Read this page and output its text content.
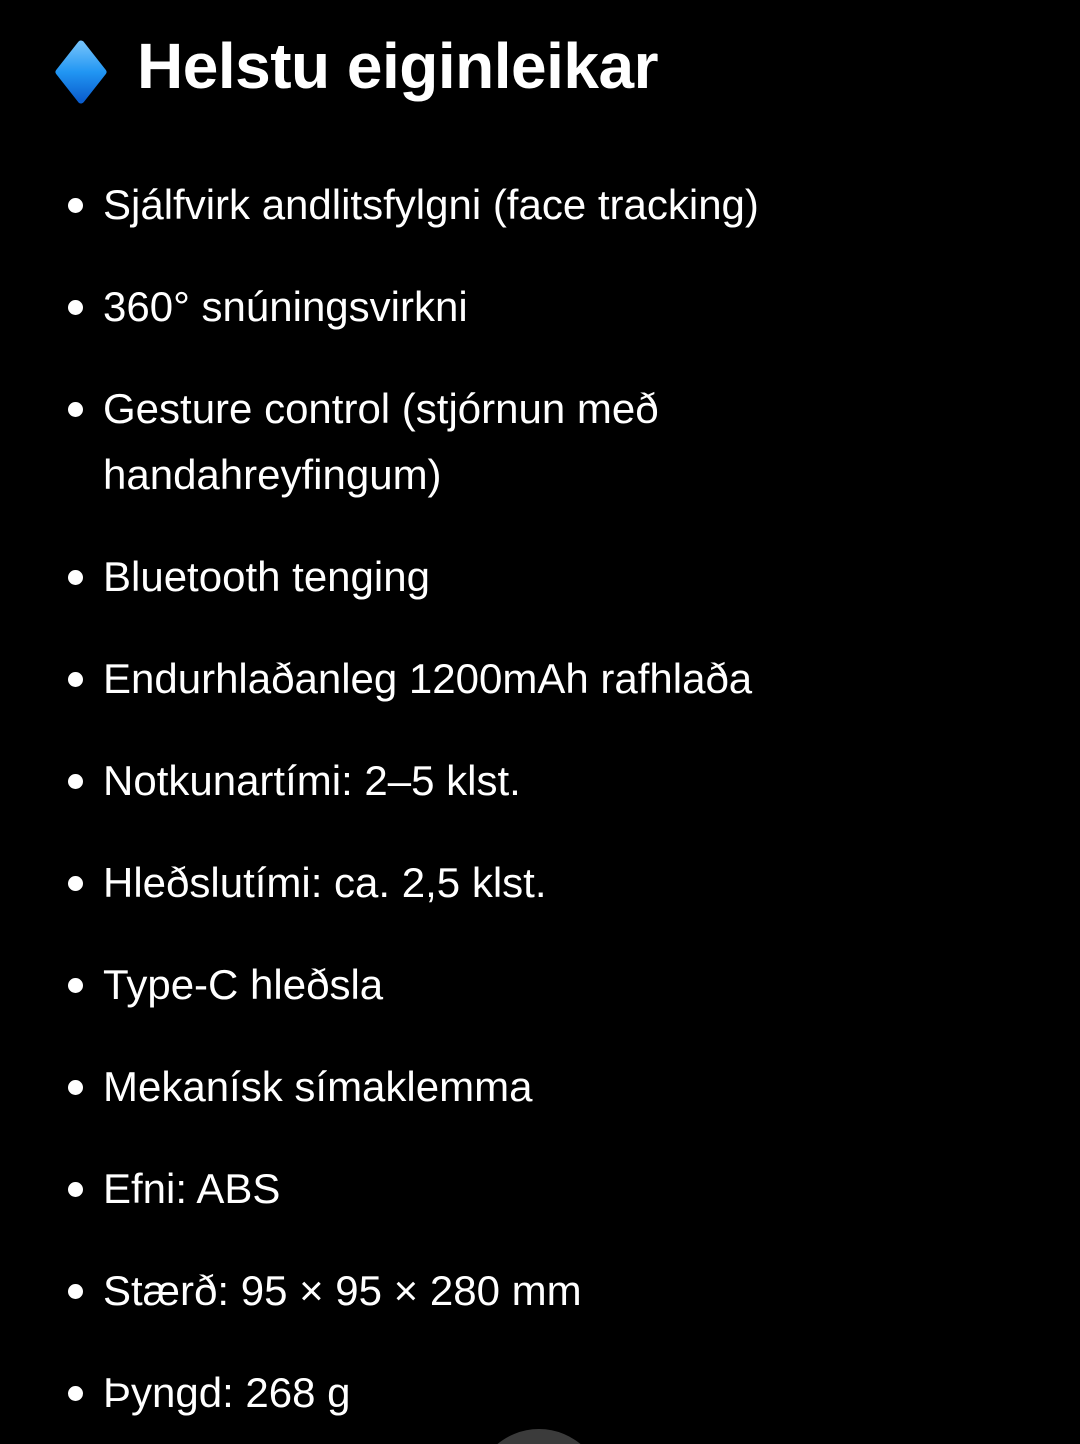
Helstu eiginleikar
Sjálfvirk andlitsfylgni (face tracking)
360° snúningsvirkni
Gesture control (stjórnun með handahreyfingum)
Bluetooth tenging
Endurhlaðanleg 1200mAh rafhlaða
Notkunartími: 2–5 klst.
Hleðslutími: ca. 2,5 klst.
Type-C hleðsla
Mekanísk símaklemma
Efni: ABS
Stærð: 95 × 95 × 280 mm
Þyngd: 268 g
